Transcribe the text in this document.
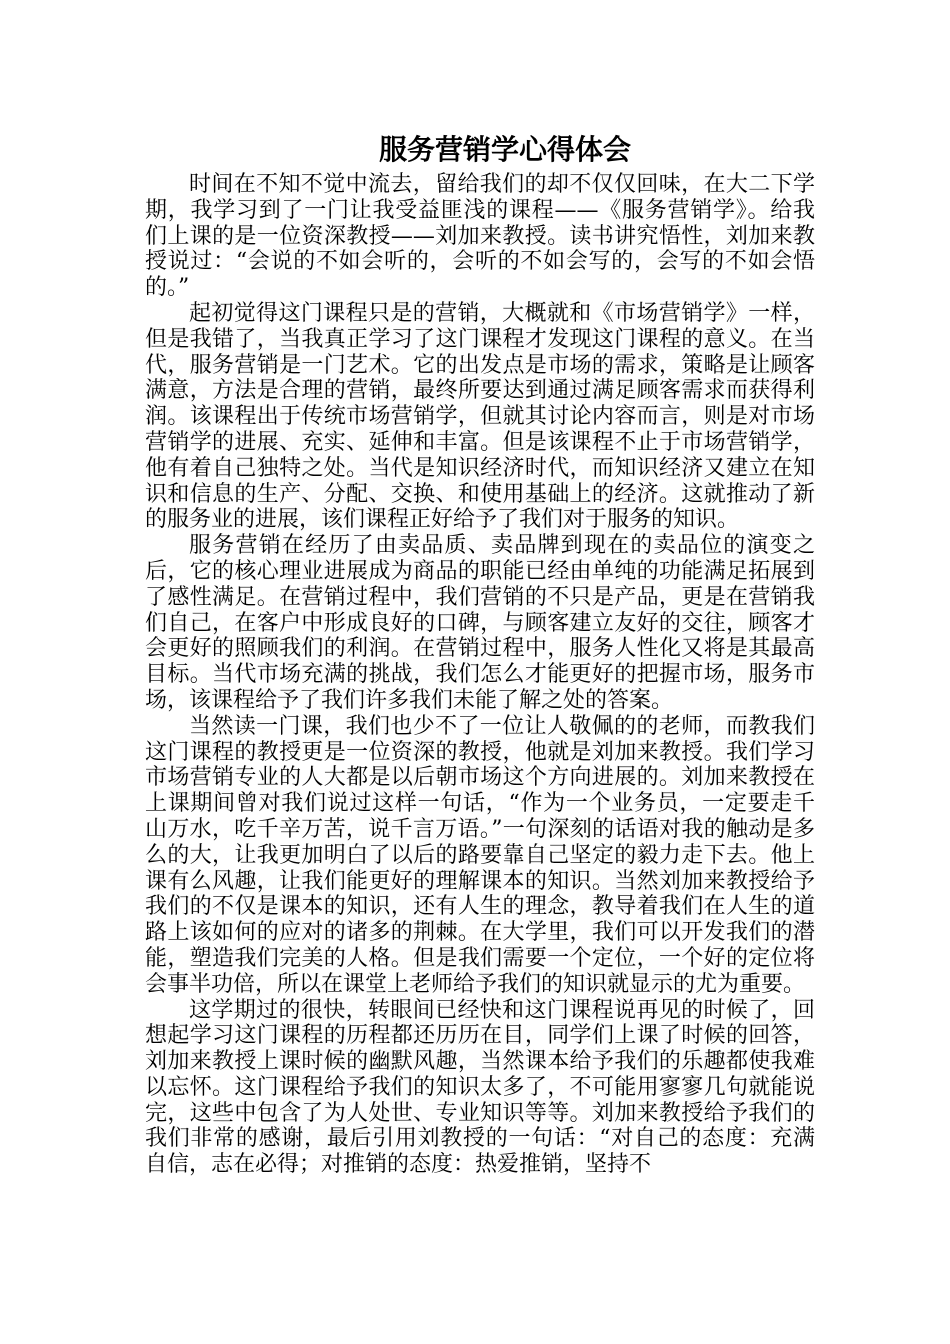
服务营销学心得体会

时间在不知不觉中流去，留给我们的却不仅仅回味，在大二下学期，我学习到了一门让我受益匪浅的课程——《服务营销学》。给我们上课的是一位资深教授——刘加来教授。读书讲究悟性，刘加来教授说过：“会说的不如会听的，会听的不如会写的，会写的不如会悟的。”

起初觉得这门课程只是的营销，大概就和《市场营销学》一样，但是我错了，当我真正学习了这门课程才发现这门课程的意义。在当代，服务营销是一门艺术。它的出发点是市场的需求，策略是让顾客满意，方法是合理的营销，最终所要达到通过满足顾客需求而获得利润。该课程出于传统市场营销学，但就其讨论内容而言，则是对市场营销学的进展、充实、延伸和丰富。但是该课程不止于市场营销学，他有着自己独特之处。当代是知识经济时代，而知识经济又建立在知识和信息的生产、分配、交换、和使用基础上的经济。这就推动了新的服务业的进展，该们课程正好给予了我们对于服务的知识。

服务营销在经历了由卖品质、卖品牌到现在的卖品位的演变之后，它的核心理业进展成为商品的职能已经由单纯的功能满足拓展到了感性满足。在营销过程中，我们营销的不只是产品，更是在营销我们自己，在客户中形成良好的口碑，与顾客建立友好的交往，顾客才会更好的照顾我们的利润。在营销过程中，服务人性化又将是其最高目标。当代市场充满的挑战，我们怎么才能更好的把握市场，服务市场，该课程给予了我们许多我们未能了解之处的答案。

当然读一门课，我们也少不了一位让人敬佩的的老师，而教我们这门课程的教授更是一位资深的教授，他就是刘加来教授。我们学习市场营销专业的人大都是以后朝市场这个方向进展的。刘加来教授在上课期间曾对我们说过这样一句话，“作为一个业务员，一定要走千山万水，吃千辛万苦，说千言万语。”一句深刻的话语对我的触动是多么的大，让我更加明白了以后的路要靠自己坚定的毅力走下去。他上课有么风趣，让我们能更好的理解课本的知识。当然刘加来教授给予我们的不仅是课本的知识，还有人生的理念，教导着我们在人生的道路上该如何的应对的诸多的荆棘。在大学里，我们可以开发我们的潜能，塑造我们完美的人格。但是我们需要一个定位，一个好的定位将会事半功倍，所以在课堂上老师给予我们的知识就显示的尤为重要。

这学期过的很快，转眼间已经快和这门课程说再见的时候了，回想起学习这门课程的历程都还历历在目，同学们上课了时候的回答，刘加来教授上课时候的幽默风趣，当然课本给予我们的乐趣都使我难以忘怀。这门课程给予我们的知识太多了，不可能用寥寥几句就能说完，这些中包含了为人处世、专业知识等等。刘加来教授给予我们的我们非常的感谢，最后引用刘教授的一句话：“对自己的态度：充满自信，志在必得；对推销的态度：热爱推销，坚持不
